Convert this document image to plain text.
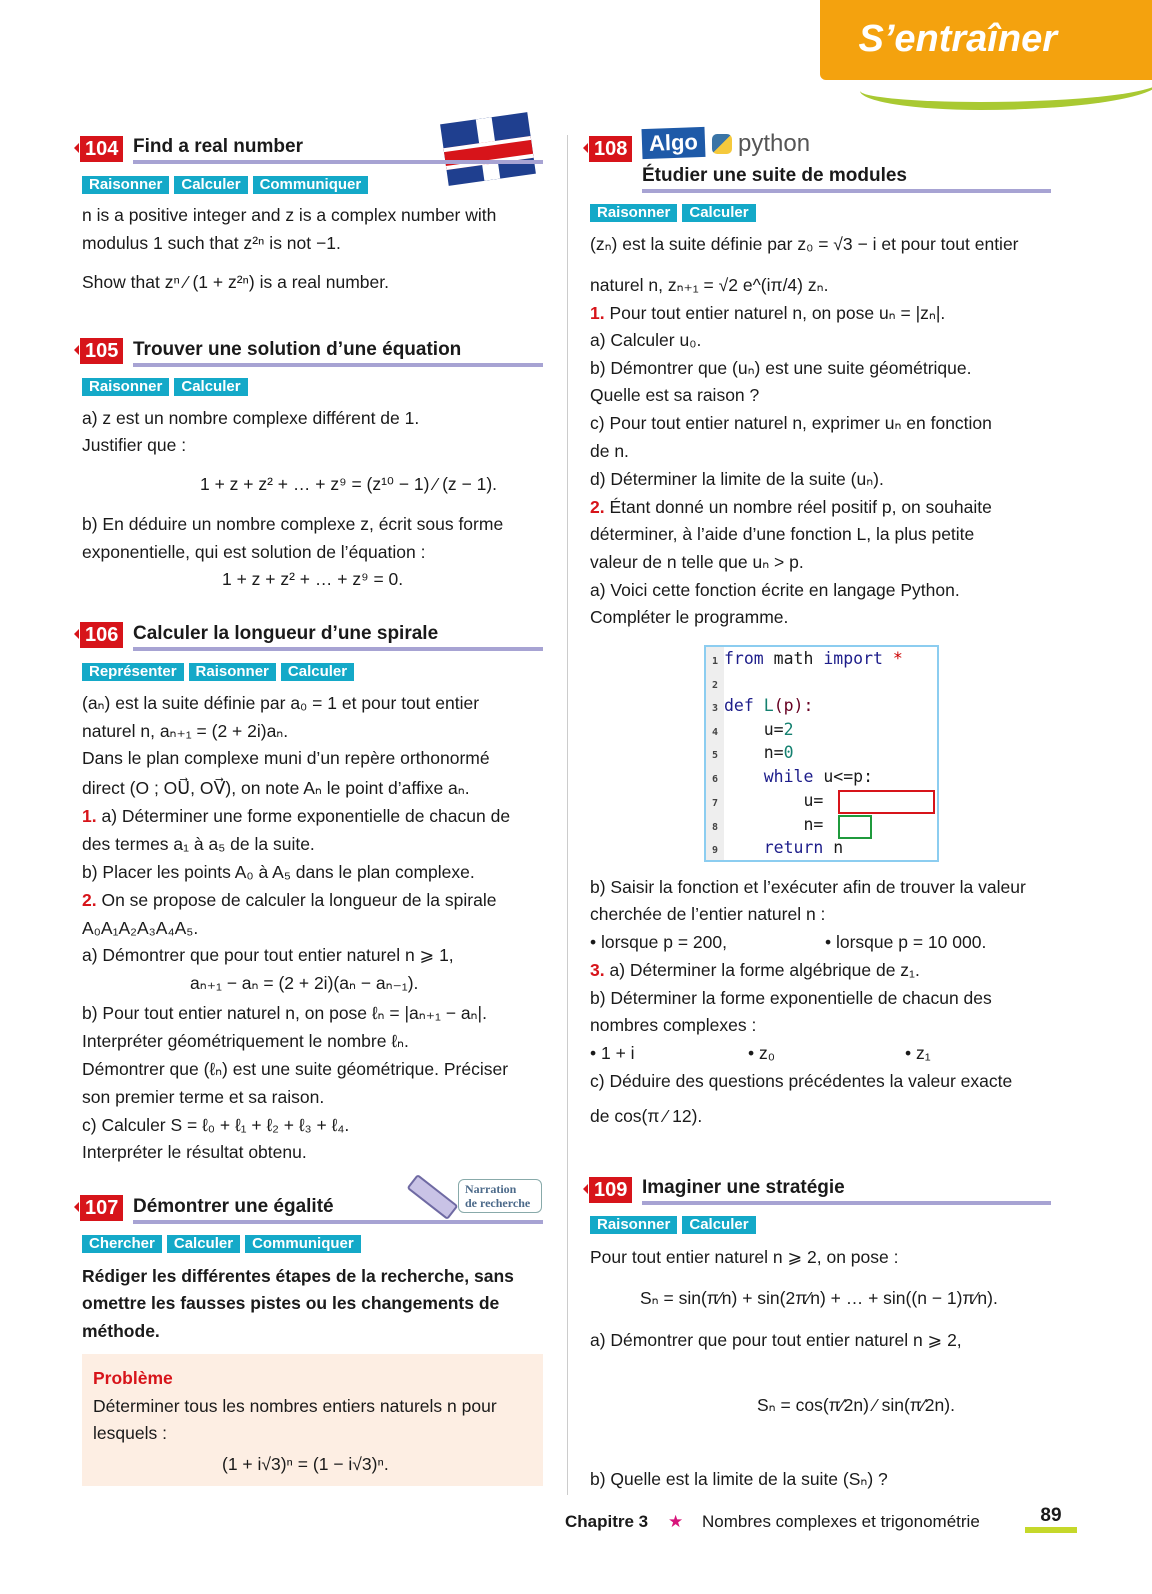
S’entraîner
104 Find a real number
Raisonner	Calculer	Communiquer
n is a positive integer and z is a complex number with
modulus 1 such that z²ⁿ is not −1.
Show that zⁿ ⁄ (1 + z²ⁿ) is a real number.
105 Trouver une solution d’une équation
Raisonner	Calculer
a) z est un nombre complexe différent de 1.
Justifier que :
1 + z + z² + … + z⁹ = (z¹⁰ − 1) ⁄ (z − 1).
b) En déduire un nombre complexe z, écrit sous forme
exponentielle, qui est solution de l’équation :
1 + z + z² + … + z⁹ = 0.
106 Calculer la longueur d’une spirale
Représenter	Raisonner	Calculer
(aₙ) est la suite définie par a₀ = 1 et pour tout entier
naturel n, aₙ₊₁ = (2 + 2i)aₙ.
Dans le plan complexe muni d’un repère orthonormé
direct (O ; OU⃗, OV⃗), on note Aₙ le point d’affixe aₙ.
1. a) Déterminer une forme exponentielle de chacun de
des termes a₁ à a₅ de la suite.
b) Placer les points A₀ à A₅ dans le plan complexe.
2. On se propose de calculer la longueur de la spirale
A₀A₁A₂A₃A₄A₅.
a) Démontrer que pour tout entier naturel n ⩾ 1,
aₙ₊₁ − aₙ = (2 + 2i)(aₙ − aₙ₋₁).
b) Pour tout entier naturel n, on pose ℓₙ = |aₙ₊₁ − aₙ|.
Interpréter géométriquement le nombre ℓₙ.
Démontrer que (ℓₙ) est une suite géométrique. Préciser
son premier terme et sa raison.
c) Calculer S = ℓ₀ + ℓ₁ + ℓ₂ + ℓ₃ + ℓ₄.
Interpréter le résultat obtenu.
Narration
de recherche
107 Démontrer une égalité
Chercher	Calculer	Communiquer
Rédiger les différentes étapes de la recherche, sans
omettre les fausses pistes ou les changements de
méthode.
Problème
Déterminer tous les nombres entiers naturels n pour
lesquels :
(1 + i√3)ⁿ = (1 − i√3)ⁿ.
108 Algo	python
Étudier une suite de modules
Raisonner	Calculer
(zₙ) est la suite définie par z₀ = √3 − i et pour tout entier
naturel n, zₙ₊₁ = √2 e^(iπ/4) zₙ.
1. Pour tout entier naturel n, on pose uₙ = |zₙ|.
a) Calculer u₀.
b) Démontrer que (uₙ) est une suite géométrique.
Quelle est sa raison ?
c) Pour tout entier naturel n, exprimer uₙ en fonction
de n.
d) Déterminer la limite de la suite (uₙ).
2. Étant donné un nombre réel positif p, on souhaite
déterminer, à l’aide d’une fonction L, la plus petite
valeur de n telle que uₙ > p.
a) Voici cette fonction écrite en langage Python.
Compléter le programme.
b) Saisir la fonction et l’exécuter afin de trouver la valeur
cherchée de l’entier naturel n :
• lorsque p = 200,	• lorsque p = 10 000.
3. a) Déterminer la forme algébrique de z₁.
b) Déterminer la forme exponentielle de chacun des
nombres complexes :
• 1 + i	• z₀	• z₁
c) Déduire des questions précédentes la valeur exacte
de cos(π ⁄ 12).
1 from math import *
2
3 def L(p):
4	u=2
5	n=0
6	while u<=p:
7	u=
8	n=
9	return n
109 Imaginer une stratégie
Raisonner	Calculer
Pour tout entier naturel n ⩾ 2, on pose :
Sₙ = sin(π⁄n) + sin(2π⁄n) + … + sin((n − 1)π⁄n).
a) Démontrer que pour tout entier naturel n ⩾ 2,
Sₙ = cos(π⁄2n) ⁄ sin(π⁄2n).
b) Quelle est la limite de la suite (Sₙ) ?
Chapitre 3 ★ Nombres complexes et trigonométrie	89
